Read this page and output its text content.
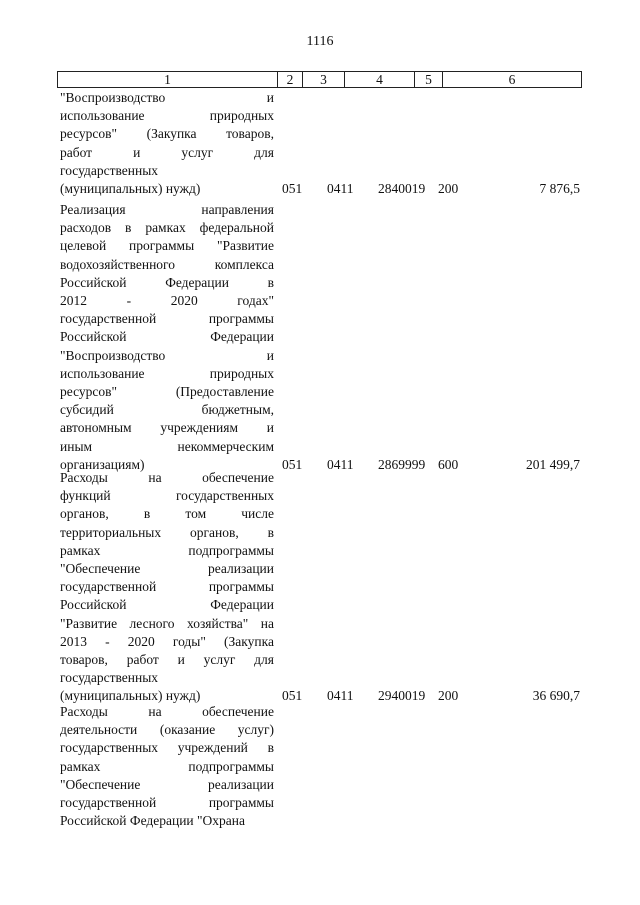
1116
1	2	3	4	5	6
"Воспроизводство	и
использование	природных
ресурсов" (Закупка товаров,
работ	и	услуг	для
государственных
(муниципальных) нужд)	051 0411 2840019 200	7 876,5
Реализация	направления
расходов в рамках федеральной
целевой программы "Развитие
водохозяйственного	комплекса
Российской	Федерации	в
2012	-	2020	годах"
государственной	программы
Российской	Федерации
"Воспроизводство	и
использование	природных
ресурсов"	(Предоставление
субсидий	бюджетным,
автономным учреждениям и
иным	некоммерческим
организациям)	051 0411 2869999 600	201 499,7
Расходы	на	обеспечение
функций	государственных
органов,	в	том	числе
территориальных органов, в
рамках	подпрограммы
"Обеспечение	реализации
государственной	программы
Российской	Федерации
"Развитие лесного хозяйства" на
2013 - 2020 годы" (Закупка
товаров, работ и услуг для
государственных
(муниципальных) нужд)	051 0411 2940019 200	36 690,7
Расходы	на	обеспечение
деятельности (оказание услуг)
государственных учреждений в
рамках	подпрограммы
"Обеспечение	реализации
государственной	программы
Российской Федерации "Охрана
